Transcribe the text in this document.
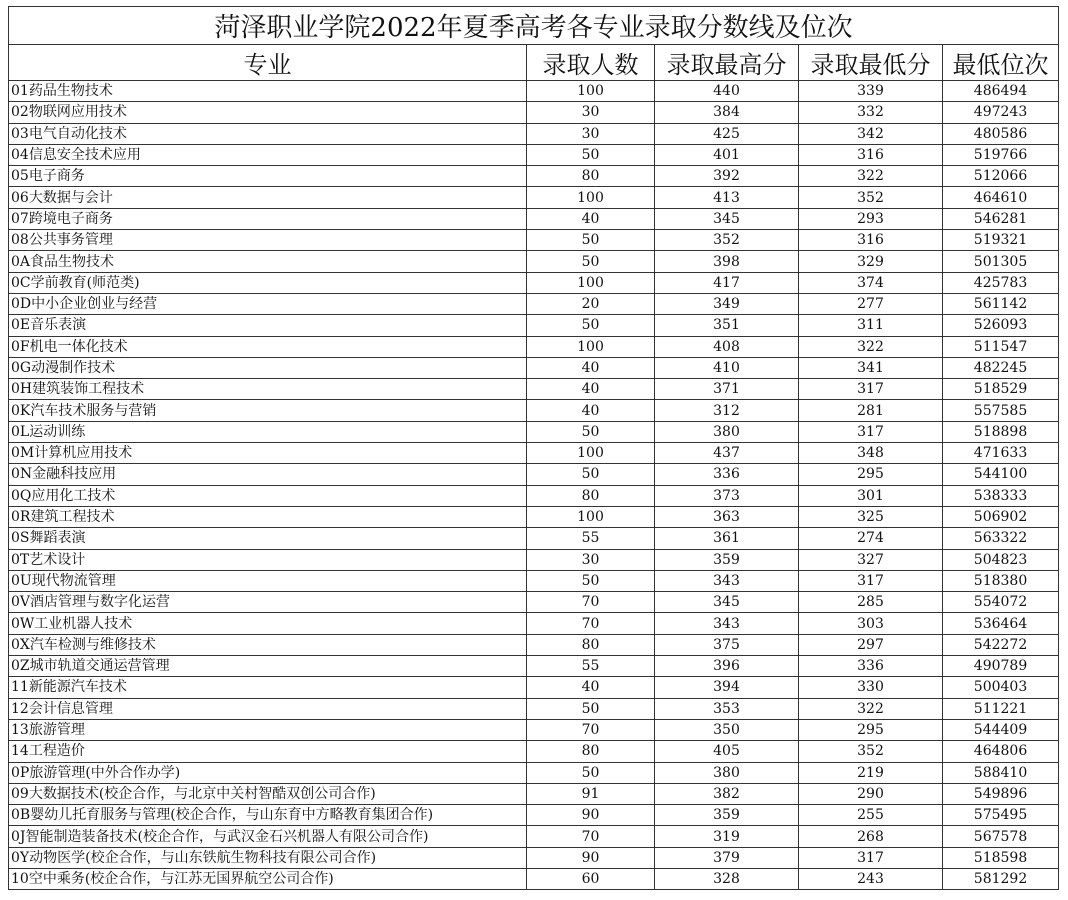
菏泽职业学院2022年夏季高考各专业录取分数线及位次				
专业	录取人数	录取最高分	录取最低分	最低位次
01药品生物技术	100	440	339	486494
02物联网应用技术	30	384	332	497243
03电气自动化技术	30	425	342	480586
04信息安全技术应用	50	401	316	519766
05电子商务	80	392	322	512066
06大数据与会计	100	413	352	464610
07跨境电子商务	40	345	293	546281
08公共事务管理	50	352	316	519321
0A食品生物技术	50	398	329	501305
0C学前教育(师范类)	100	417	374	425783
0D中小企业创业与经营	20	349	277	561142
0E音乐表演	50	351	311	526093
0F机电一体化技术	100	408	322	511547
0G动漫制作技术	40	410	341	482245
0H建筑装饰工程技术	40	371	317	518529
0K汽车技术服务与营销	40	312	281	557585
0L运动训练	50	380	317	518898
0M计算机应用技术	100	437	348	471633
0N金融科技应用	50	336	295	544100
0Q应用化工技术	80	373	301	538333
0R建筑工程技术	100	363	325	506902
0S舞蹈表演	55	361	274	563322
0T艺术设计	30	359	327	504823
0U现代物流管理	50	343	317	518380
0V酒店管理与数字化运营	70	345	285	554072
0W工业机器人技术	70	343	303	536464
0X汽车检测与维修技术	80	375	297	542272
0Z城市轨道交通运营管理	55	396	336	490789
11新能源汽车技术	40	394	330	500403
12会计信息管理	50	353	322	511221
13旅游管理	70	350	295	544409
14工程造价	80	405	352	464806
0P旅游管理(中外合作办学)	50	380	219	588410
09大数据技术(校企合作，与北京中关村智酷双创公司合作)	91	382	290	549896
0B婴幼儿托育服务与管理(校企合作，与山东育中方略教育集团合作)	90	359	255	575495
0J智能制造装备技术(校企合作，与武汉金石兴机器人有限公司合作)	70	319	268	567578
0Y动物医学(校企合作，与山东铁航生物科技有限公司合作)	90	379	317	518598
10空中乘务(校企合作，与江苏无国界航空公司合作)	60	328	243	581292
